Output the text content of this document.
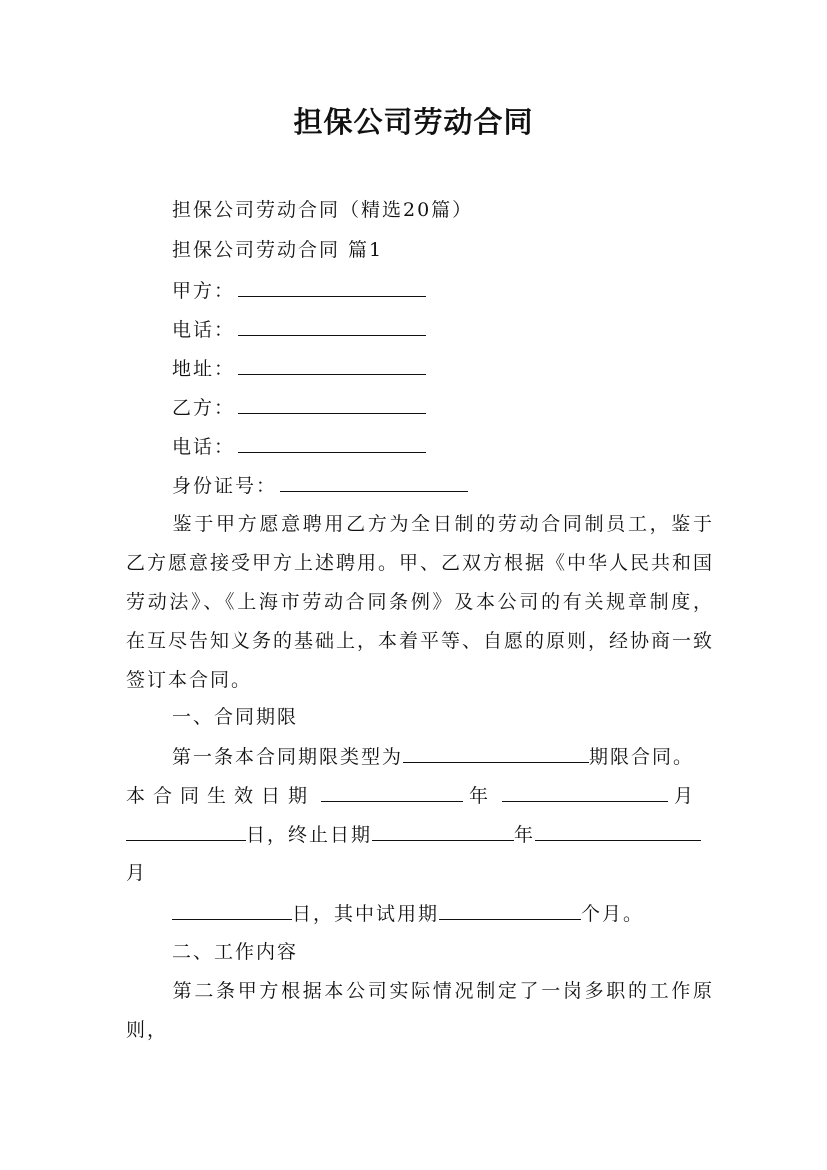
担保公司劳动合同
担保公司劳动合同（精选20篇）
担保公司劳动合同 篇1
甲方：
电话：
地址：
乙方：
电话：
身份证号：
鉴于甲方愿意聘用乙方为全日制的劳动合同制员工，鉴于乙方愿意接受甲方上述聘用。甲、乙双方根据《中华人民共和国劳动法》、《上海市劳动合同条例》及本公司的有关规章制度，在互尽告知义务的基础上，本着平等、自愿的原则，经协商一致签订本合同。
一、合同期限
第一条本合同期限类型为	期限合同。
本合同生效日期	年	月
日，终止日期	年
月
日，其中试用期	个月。
二、工作内容
第二条甲方根据本公司实际情况制定了一岗多职的工作原则，
